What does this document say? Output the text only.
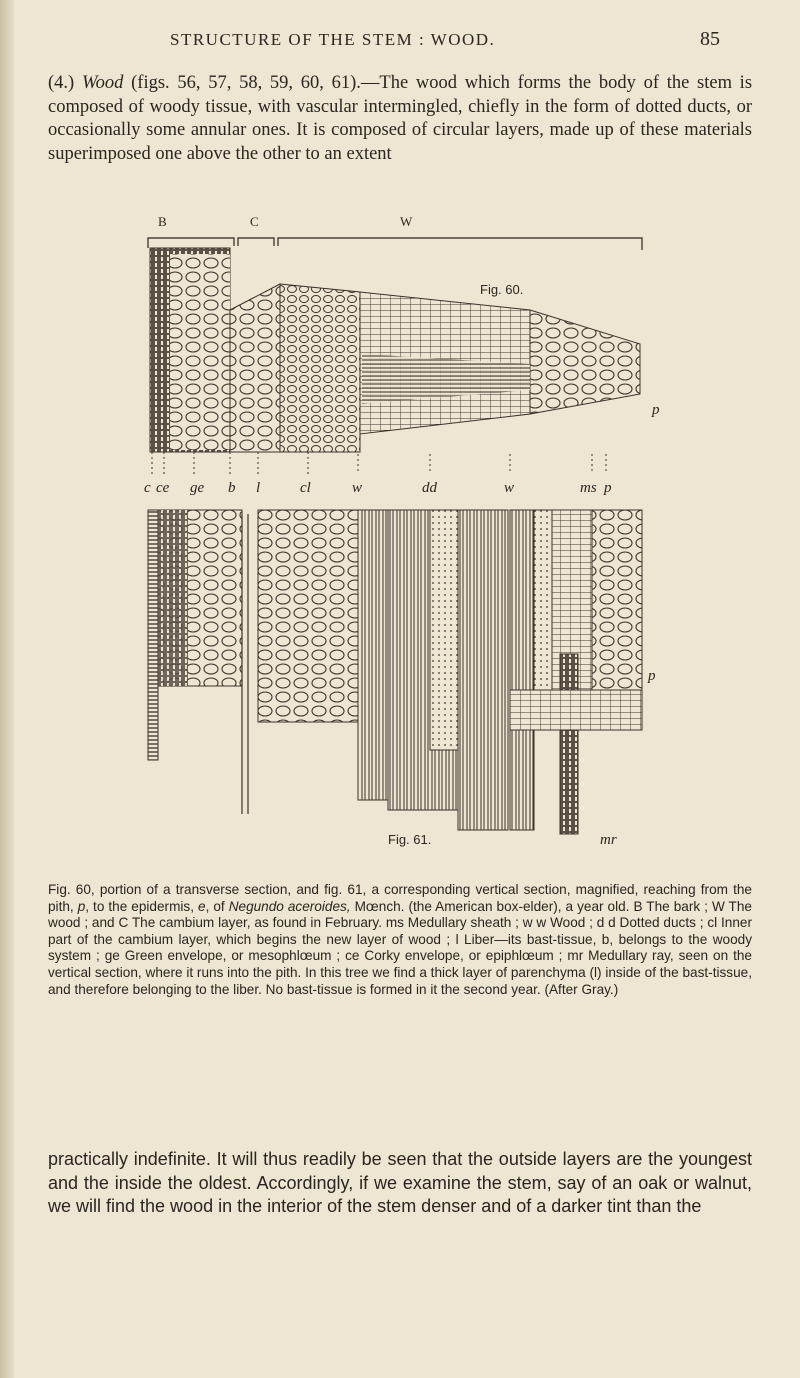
STRUCTURE OF THE STEM : WOOD.	85
(4.) Wood (figs. 56, 57, 58, 59, 60, 61).—The wood which forms the body of the stem is composed of woody tissue, with vascular intermingled, chiefly in the form of dotted ducts, or occasionally some annular ones. It is composed of circular layers, made up of these materials superimposed one above the other to an extent
B	C	W
Fig. 60.
p
c ce ge b l	cl	w	dd	w	ms p
p
Fig. 61.	mr
Fig. 60, portion of a transverse section, and fig. 61, a corresponding vertical section, magnified, reaching from the pith, p, to the epidermis, e, of Negundo aceroides, Mœnch. (the American box-elder), a year old. B The bark ; W The wood ; and C The cambium layer, as found in February. ms Medullary sheath ; w w Wood ; d d Dotted ducts ; cl Inner part of the cambium layer, which begins the new layer of wood ; l Liber—its bast-tissue, b, belongs to the woody system ; ge Green envelope, or mesophlœum ; ce Corky envelope, or epiphlœum ; mr Medullary ray, seen on the vertical section, where it runs into the pith. In this tree we find a thick layer of parenchyma (l) inside of the bast-tissue, and therefore belonging to the liber. No bast-tissue is formed in it the second year. (After Gray.)
practically indefinite. It will thus readily be seen that the outside layers are the youngest and the inside the oldest. Accordingly, if we examine the stem, say of an oak or walnut, we will find the wood in the interior of the stem denser and of a darker tint than the
